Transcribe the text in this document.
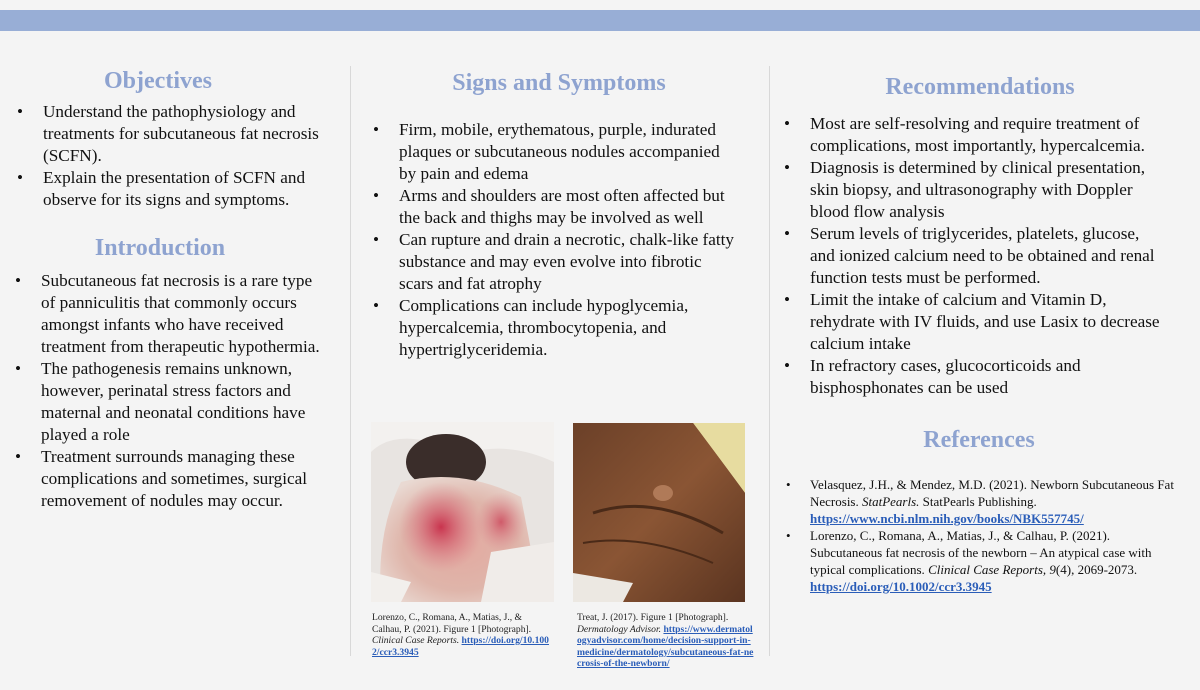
Objectives
• Understand the pathophysiology and treatments for subcutaneous fat necrosis (SCFN).
• Explain the presentation of SCFN and observe for its signs and symptoms.
Introduction
• Subcutaneous fat necrosis is a rare type of panniculitis that commonly occurs amongst infants who have received treatment from therapeutic hypothermia.
• The pathogenesis remains unknown, however, perinatal stress factors and maternal and neonatal conditions have played a role
• Treatment surrounds managing these complications and sometimes, surgical removement of nodules may occur.
Signs and Symptoms
• Firm, mobile, erythematous, purple, indurated plaques or subcutaneous nodules accompanied by pain and edema
• Arms and shoulders are most often affected but the back and thighs may be involved as well
• Can rupture and drain a necrotic, chalk-like fatty substance and may even evolve into fibrotic scars and fat atrophy
• Complications can include hypoglycemia, hypercalcemia, thrombocytopenia, and hypertriglyceridemia.
Lorenzo, C., Romana, A., Matias, J., & Calhau, P. (2021). Figure 1 [Photograph]. Clinical Case Reports. https://doi.org/10.1002/ccr3.3945
Treat, J. (2017). Figure 1 [Photograph]. Dermatology Advisor. https://www.dermatologyadvisor.com/home/decision-support-in-medicine/dermatology/subcutaneous-fat-necrosis-of-the-newborn/
Recommendations
• Most are self-resolving and require treatment of complications, most importantly, hypercalcemia.
• Diagnosis is determined by clinical presentation, skin biopsy, and ultrasonography with Doppler blood flow analysis
• Serum levels of triglycerides, platelets, glucose, and ionized calcium need to be obtained and renal function tests must be performed.
• Limit the intake of calcium and Vitamin D, rehydrate with IV fluids, and use Lasix to decrease calcium intake
• In refractory cases, glucocorticoids and bisphosphonates can be used
References
• Velasquez, J.H., & Mendez, M.D. (2021). Newborn Subcutaneous Fat Necrosis. StatPearls. StatPearls Publishing. https://www.ncbi.nlm.nih.gov/books/NBK557745/
• Lorenzo, C., Romana, A., Matias, J., & Calhau, P. (2021). Subcutaneous fat necrosis of the newborn – An atypical case with typical complications. Clinical Case Reports, 9(4), 2069-2073. https://doi.org/10.1002/ccr3.3945
